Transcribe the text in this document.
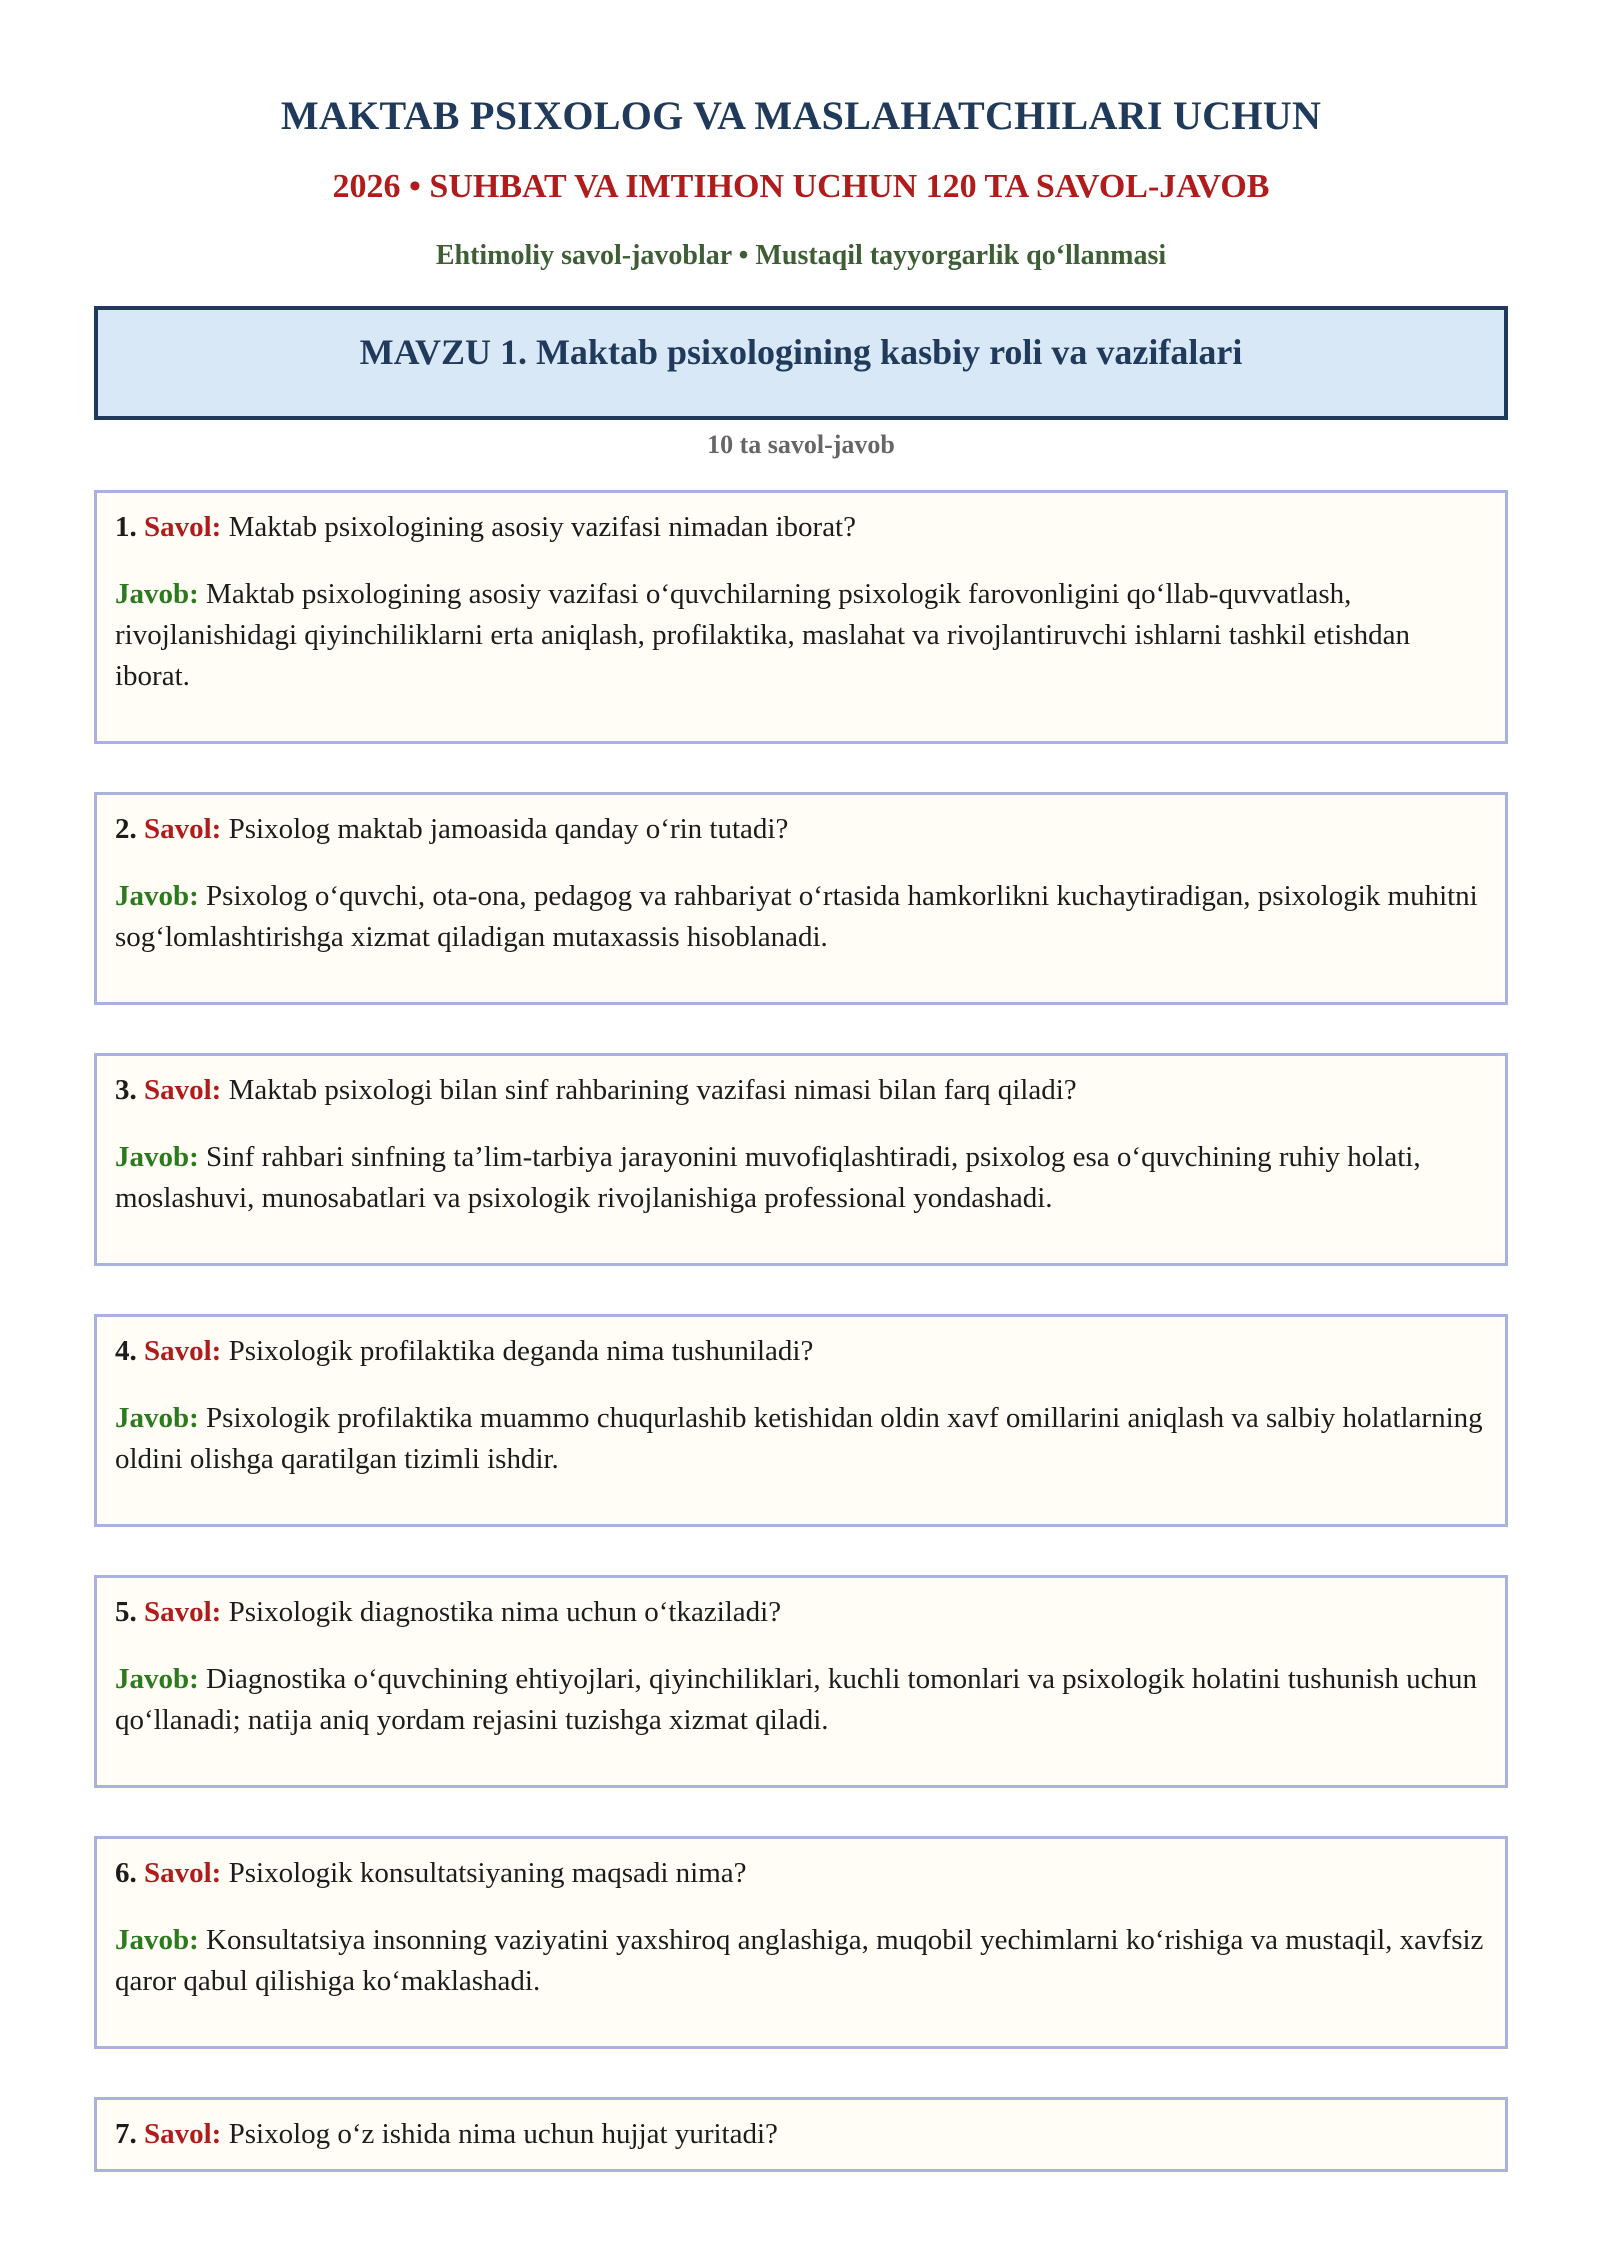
MAKTAB PSIXOLOG VA MASLAHATCHILARI UCHUN
2026 • SUHBAT VA IMTIHON UCHUN 120 TA SAVOL-JAVOB
Ehtimoliy savol-javoblar • Mustaqil tayyorgarlik qo‘llanmasi
MAVZU 1. Maktab psixologining kasbiy roli va vazifalari
10 ta savol-javob

1. Savol: Maktab psixologining asosiy vazifasi nimadan iborat?

Javob: Maktab psixologining asosiy vazifasi o‘quvchilarning psixologik farovonligini qo‘llab-quvvatlash, rivojlanishidagi qiyinchiliklarni erta aniqlash, profilaktika, maslahat va rivojlantiruvchi ishlarni tashkil etishdan iborat.

2. Savol: Psixolog maktab jamoasida qanday o‘rin tutadi?

Javob: Psixolog o‘quvchi, ota-ona, pedagog va rahbariyat o‘rtasida hamkorlikni kuchaytiradigan, psixologik muhitni sog‘lomlashtirishga xizmat qiladigan mutaxassis hisoblanadi.

3. Savol: Maktab psixologi bilan sinf rahbarining vazifasi nimasi bilan farq qiladi?

Javob: Sinf rahbari sinfning ta’lim-tarbiya jarayonini muvofiqlashtiradi, psixolog esa o‘quvchining ruhiy holati, moslashuvi, munosabatlari va psixologik rivojlanishiga professional yondashadi.

4. Savol: Psixologik profilaktika deganda nima tushuniladi?

Javob: Psixologik profilaktika muammo chuqurlashib ketishidan oldin xavf omillarini aniqlash va salbiy holatlarning oldini olishga qaratilgan tizimli ishdir.

5. Savol: Psixologik diagnostika nima uchun o‘tkaziladi?

Javob: Diagnostika o‘quvchining ehtiyojlari, qiyinchiliklari, kuchli tomonlari va psixologik holatini tushunish uchun qo‘llanadi; natija aniq yordam rejasini tuzishga xizmat qiladi.

6. Savol: Psixologik konsultatsiyaning maqsadi nima?

Javob: Konsultatsiya insonning vaziyatini yaxshiroq anglashiga, muqobil yechimlarni ko‘rishiga va mustaqil, xavfsiz qaror qabul qilishiga ko‘maklashadi.

7. Savol: Psixolog o‘z ishida nima uchun hujjat yuritadi?
